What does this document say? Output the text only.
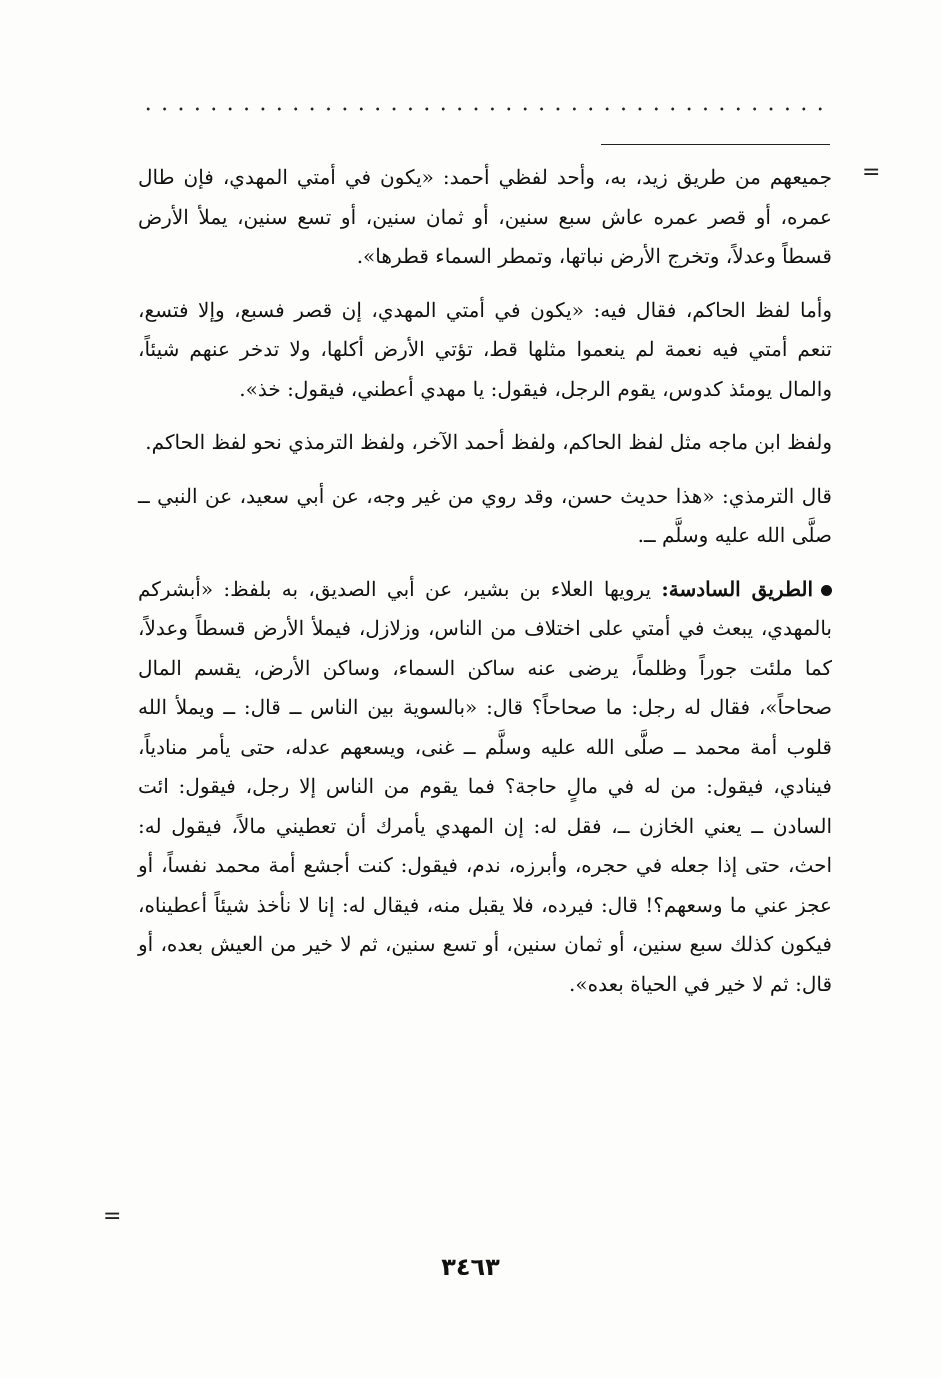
=

جميعهم من طريق زيد، به، وأحد لفظي أحمد: «يكون في أمتي المهدي، فإن طال عمره، أو قصر عمره عاش سبع سنين، أو ثمان سنين، أو تسع سنين، يملأ الأرض قسطاً وعدلاً، وتخرج الأرض نباتها، وتمطر السماء قطرها».

وأما لفظ الحاكم، فقال فيه: «يكون في أمتي المهدي، إن قصر فسبع، وإلا فتسع، تنعم أمتي فيه نعمة لم ينعموا مثلها قط، تؤتي الأرض أكلها، ولا تدخر عنهم شيئاً، والمال يومئذ كدوس، يقوم الرجل، فيقول: يا مهدي أعطني، فيقول: خذ».

ولفظ ابن ماجه مثل لفظ الحاكم، ولفظ أحمد الآخر، ولفظ الترمذي نحو لفظ الحاكم.

قال الترمذي: «هذا حديث حسن، وقد روي من غير وجه، عن أبي سعيد، عن النبي ــ صلَّى الله عليه وسلَّم ــ.

الطريق السادسة: يرويها العلاء بن بشير، عن أبي الصديق، به بلفظ: «أبشركم بالمهدي، يبعث في أمتي على اختلاف من الناس، وزلازل، فيملأ الأرض قسطاً وعدلاً، كما ملئت جوراً وظلماً، يرضى عنه ساكن السماء، وساكن الأرض، يقسم المال صحاحاً»، فقال له رجل: ما صحاحاً؟ قال: «بالسوية بين الناس ــ قال: ــ ويملأ الله قلوب أمة محمد ــ صلَّى الله عليه وسلَّم ــ غنى، ويسعهم عدله، حتى يأمر منادياً، فينادي، فيقول: من له في مالٍ حاجة؟ فما يقوم من الناس إلا رجل، فيقول: ائت السادن ــ يعني الخازن ــ، فقل له: إن المهدي يأمرك أن تعطيني مالاً، فيقول له: احث، حتى إذا جعله في حجره، وأبرزه، ندم، فيقول: كنت أجشع أمة محمد نفساً، أو عجز عني ما وسعهم؟! قال: فيرده، فلا يقبل منه، فيقال له: إنا لا نأخذ شيئاً أعطيناه، فيكون كذلك سبع سنين، أو ثمان سنين، أو تسع سنين، ثم لا خير من العيش بعده، أو قال: ثم لا خير في الحياة بعده».

=
٣٤٦٣
